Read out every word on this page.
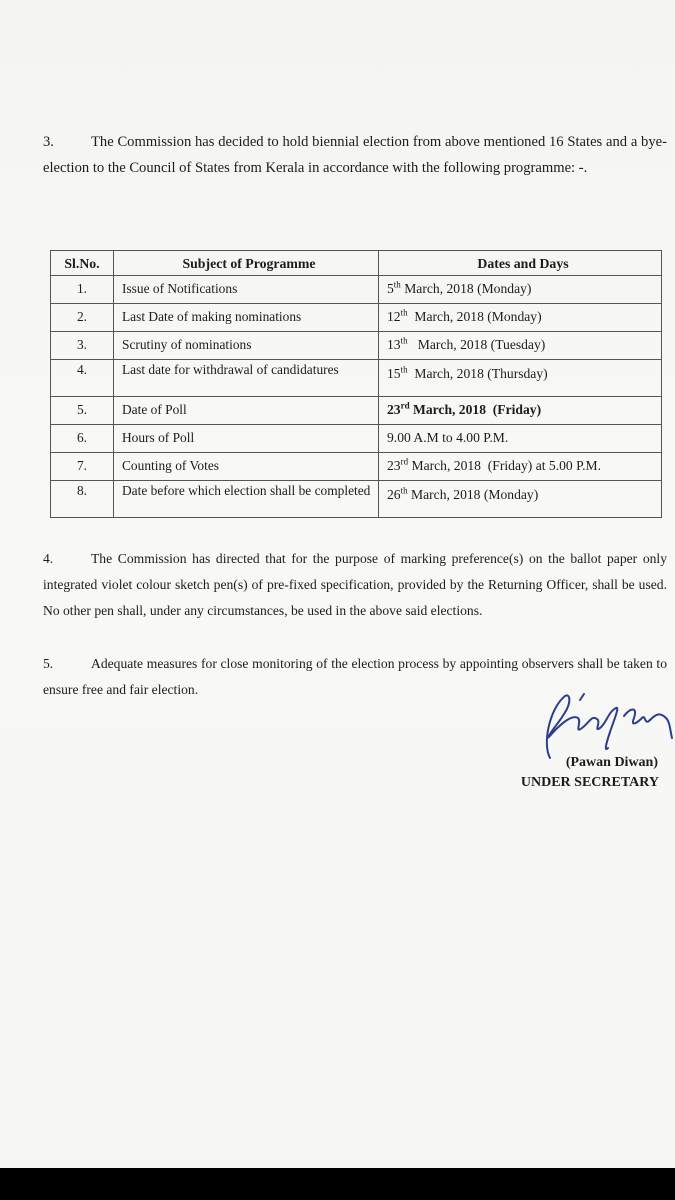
3.	The Commission has decided to hold biennial election from above mentioned 16 States and a bye-election to the Council of States from Kerala in accordance with the following programme: -.
Sl.No.	Subject of Programme	Dates and Days
1.	Issue of Notifications	5th March, 2018 (Monday)
2.	Last Date of making nominations	12th  March, 2018 (Monday)
3.	Scrutiny of nominations	13th   March, 2018 (Tuesday)
4.	Last date for withdrawal of candidatures	15th  March, 2018 (Thursday)
5.	Date of Poll	23rd March, 2018  (Friday)
6.	Hours of Poll	9.00 A.M to 4.00 P.M.
7.	Counting of Votes	23rd March, 2018  (Friday) at 5.00 P.M.
8.	Date before which election shall be completed	26th March, 2018 (Monday)
4.	The Commission has directed that for the purpose of marking preference(s) on the ballot paper only integrated violet colour sketch pen(s) of pre-fixed specification, provided by the Returning Officer, shall be used. No other pen shall, under any circumstances, be used in the above said elections.
5.	Adequate measures for close monitoring of the election process by appointing observers shall be taken to ensure free and fair election.
(Pawan Diwan)
UNDER SECRETARY
